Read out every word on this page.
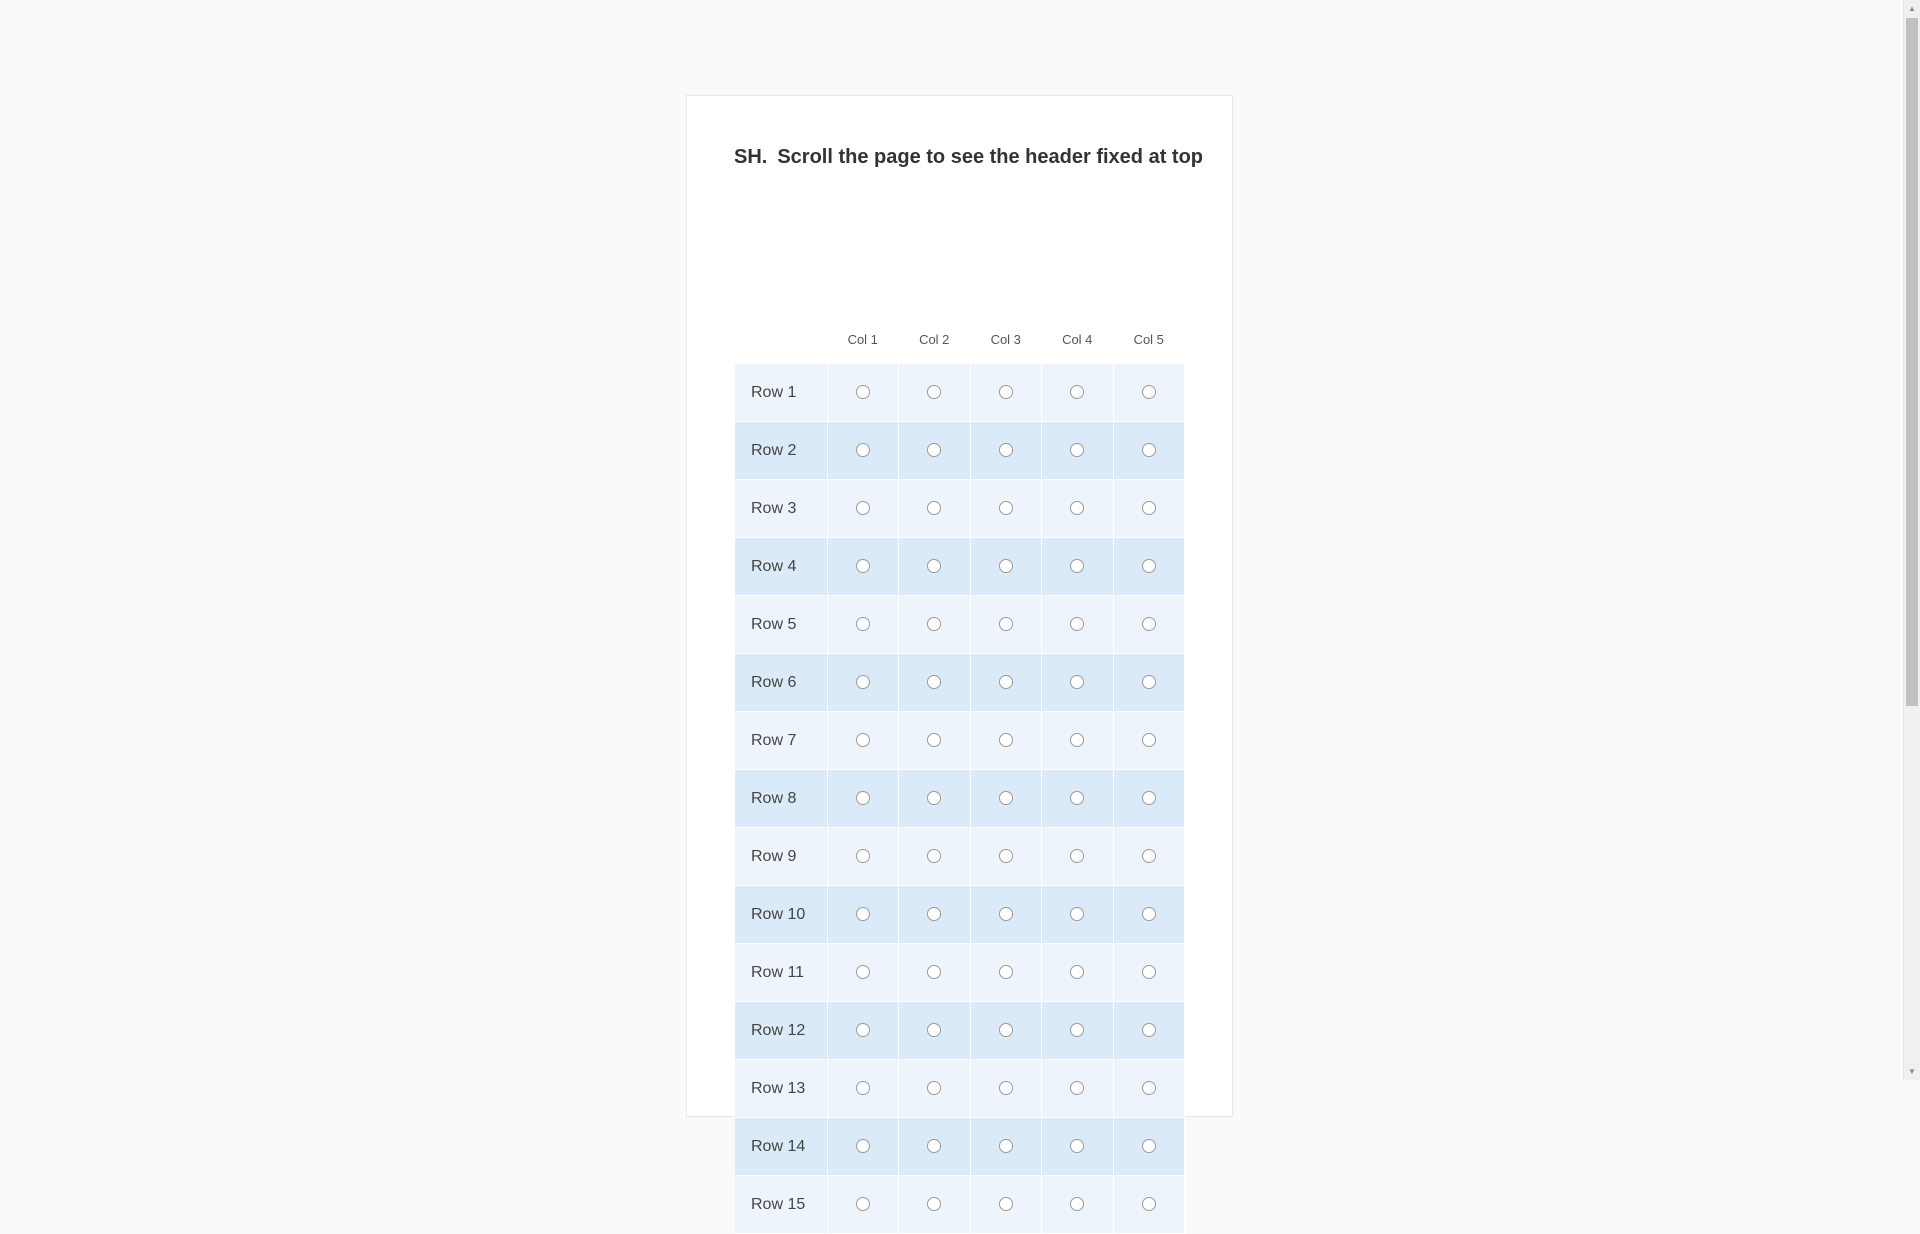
SH. Scroll the page to see the header fixed at top
	Col 1	Col 2	Col 3	Col 4	Col 5
Row 1					
Row 2					
Row 3					
Row 4					
Row 5					
Row 6					
Row 7					
Row 8					
Row 9					
Row 10					
Row 11					
Row 12					
Row 13					
Row 14					
Row 15					
▲
▼
